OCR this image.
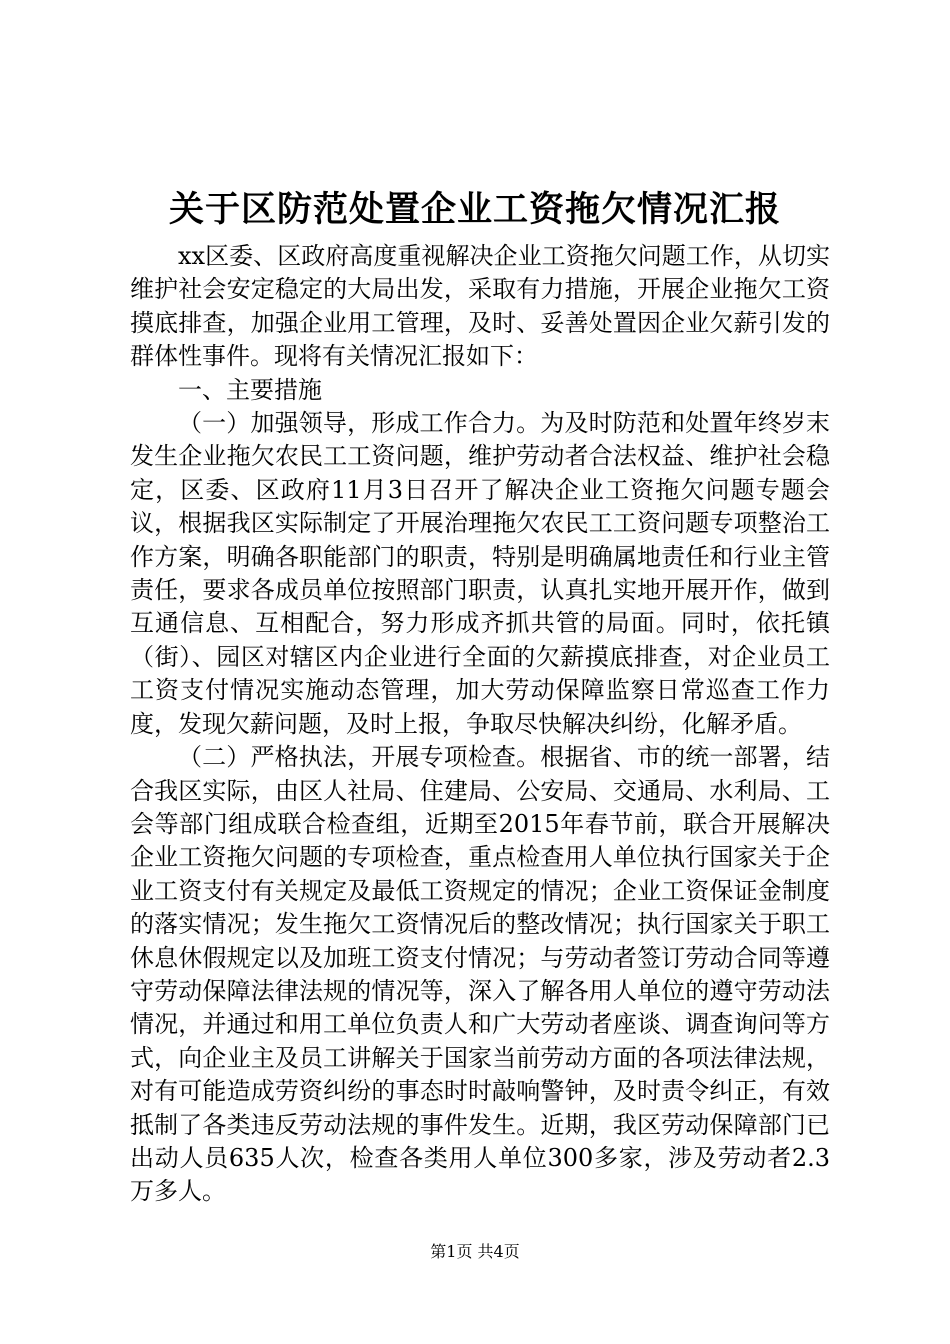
关于区防范处置企业工资拖欠情况汇报

xx区委、区政府高度重视解决企业工资拖欠问题工作，从切实维护社会安定稳定的大局出发，采取有力措施，开展企业拖欠工资摸底排查，加强企业用工管理，及时、妥善处置因企业欠薪引发的群体性事件。现将有关情况汇报如下：

一、主要措施

（一）加强领导，形成工作合力。为及时防范和处置年终岁末发生企业拖欠农民工工资问题，维护劳动者合法权益、维护社会稳定，区委、区政府11月3日召开了解决企业工资拖欠问题专题会议，根据我区实际制定了开展治理拖欠农民工工资问题专项整治工作方案，明确各职能部门的职责，特别是明确属地责任和行业主管责任，要求各成员单位按照部门职责，认真扎实地开展开作，做到互通信息、互相配合，努力形成齐抓共管的局面。同时，依托镇（街）、园区对辖区内企业进行全面的欠薪摸底排查，对企业员工工资支付情况实施动态管理，加大劳动保障监察日常巡查工作力度，发现欠薪问题，及时上报，争取尽快解决纠纷，化解矛盾。

（二）严格执法，开展专项检查。根据省、市的统一部署，结合我区实际，由区人社局、住建局、公安局、交通局、水利局、工会等部门组成联合检查组，近期至2015年春节前，联合开展解决企业工资拖欠问题的专项检查，重点检查用人单位执行国家关于企业工资支付有关规定及最低工资规定的情况；企业工资保证金制度的落实情况；发生拖欠工资情况后的整改情况；执行国家关于职工休息休假规定以及加班工资支付情况；与劳动者签订劳动合同等遵守劳动保障法律法规的情况等，深入了解各用人单位的遵守劳动法情况，并通过和用工单位负责人和广大劳动者座谈、调查询问等方式，向企业主及员工讲解关于国家当前劳动方面的各项法律法规，对有可能造成劳资纠纷的事态时时敲响警钟，及时责令纠正，有效抵制了各类违反劳动法规的事件发生。近期，我区劳动保障部门已出动人员635人次，检查各类用人单位300多家，涉及劳动者2.3万多人。

第1页 共4页
